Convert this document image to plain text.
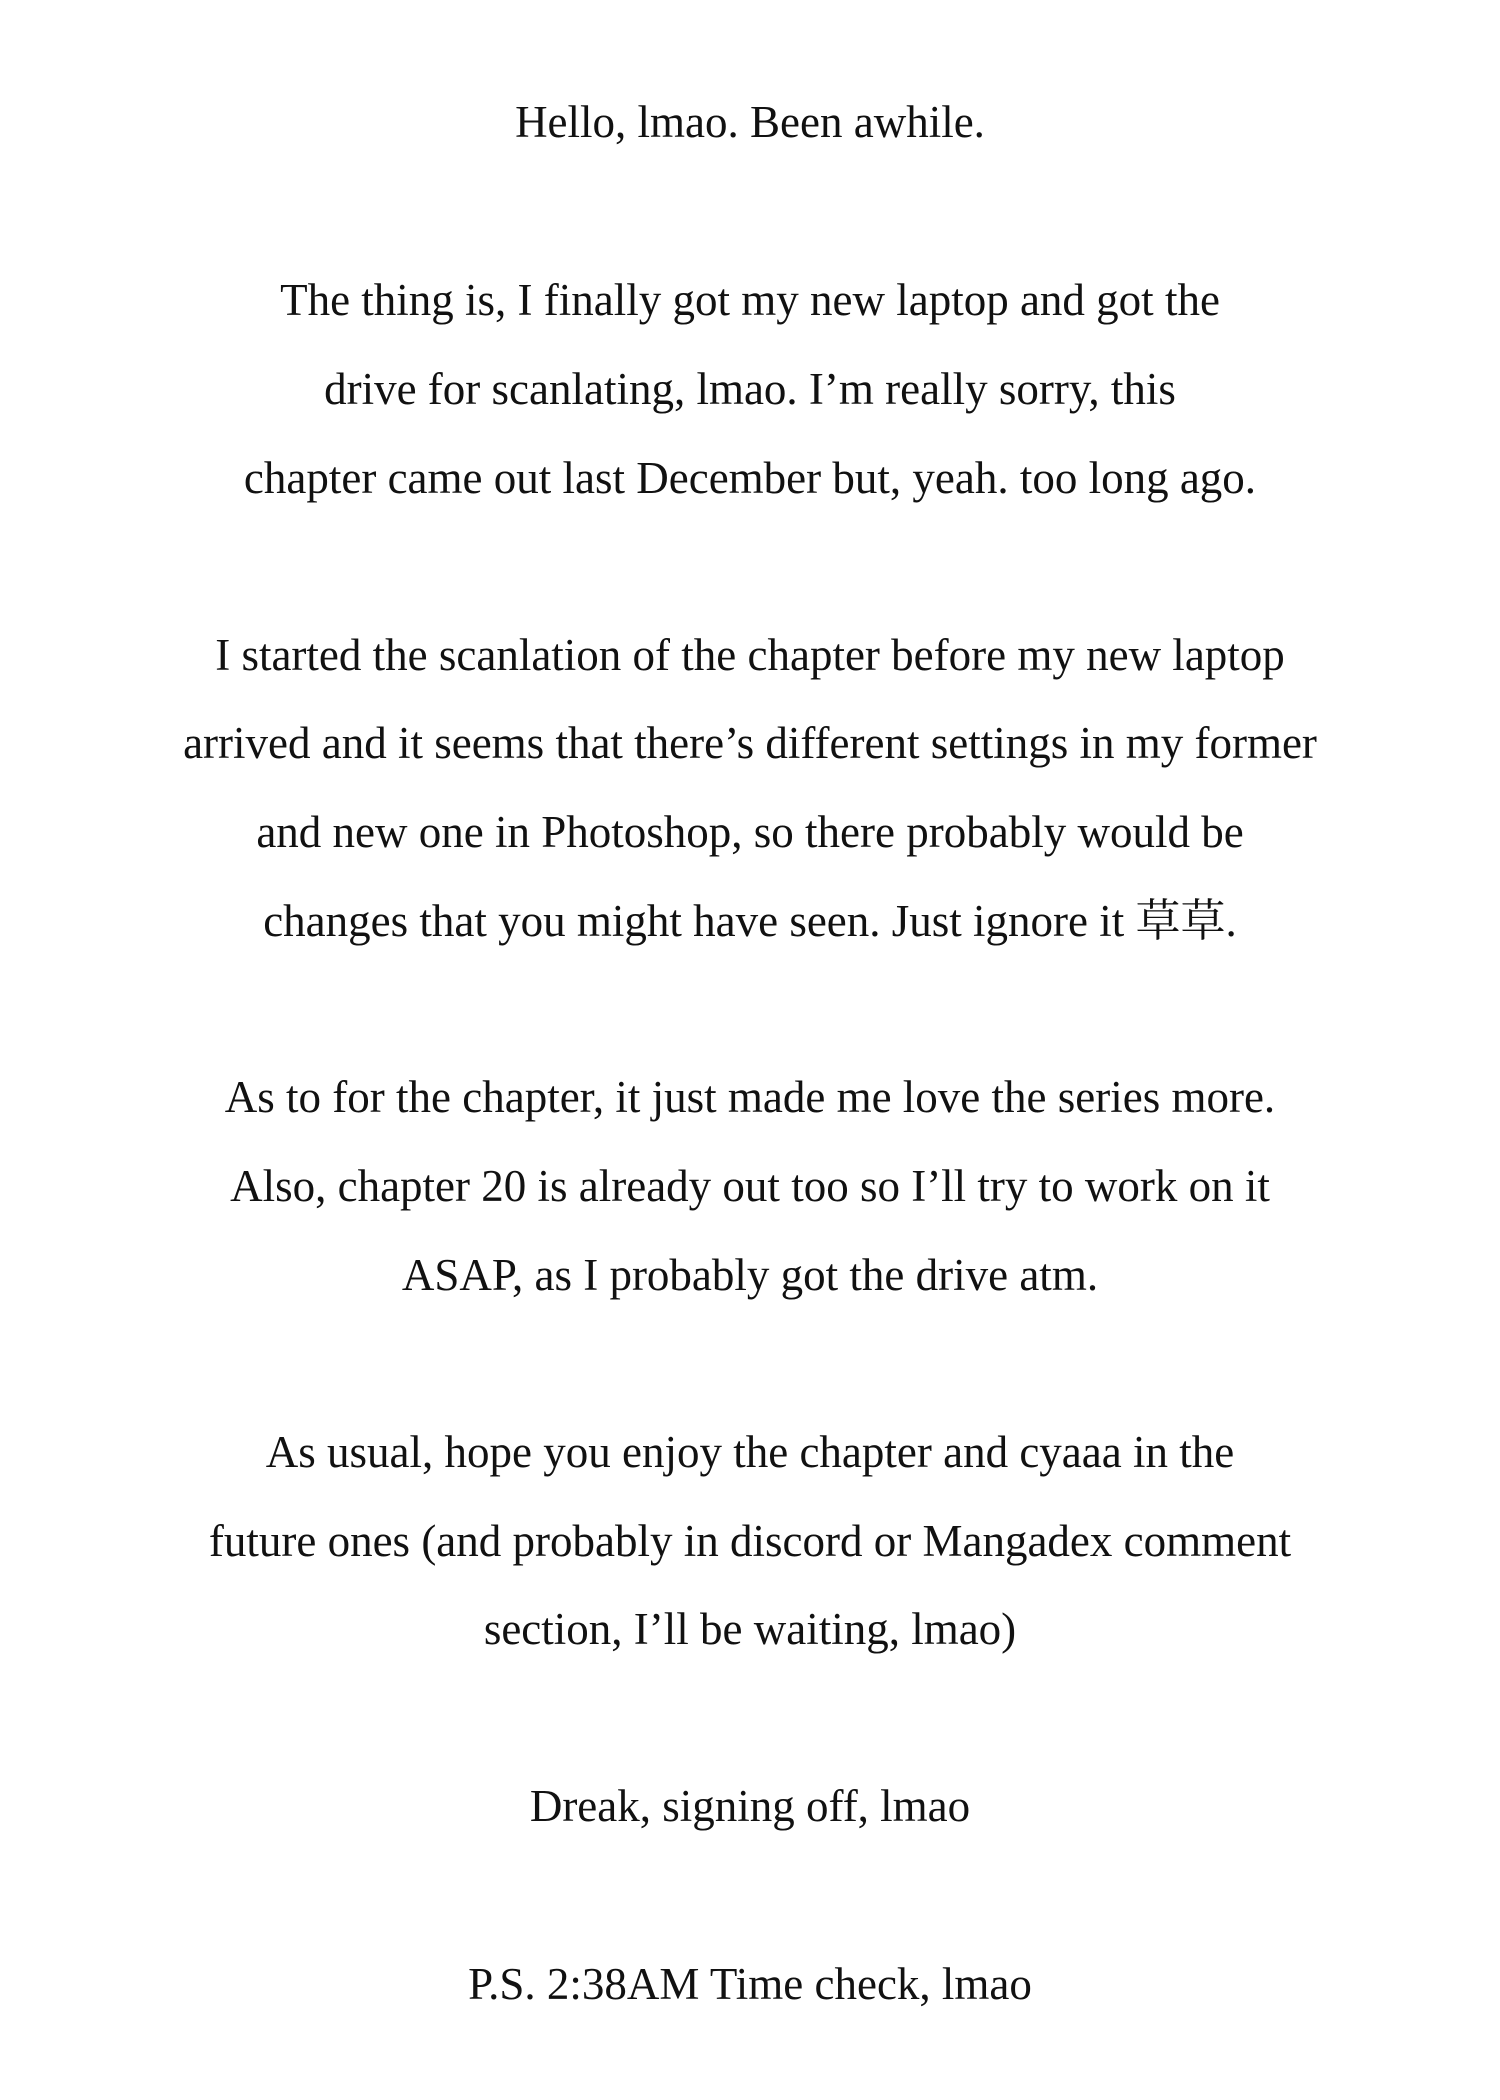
Hello, lmao. Been awhile.
The thing is, I finally got my new laptop and got the
drive for scanlating, lmao. I’m really sorry, this
chapter came out last December but, yeah. too long ago.
I started the scanlation of the chapter before my new laptop
arrived and it seems that there’s different settings in my former
and new one in Photoshop, so there probably would be
changes that you might have seen. Just ignore it 草草.
As to for the chapter, it just made me love the series more.
Also, chapter 20 is already out too so I’ll try to work on it
ASAP, as I probably got the drive atm.
As usual, hope you enjoy the chapter and cyaaa in the
future ones (and probably in discord or Mangadex comment
section, I’ll be waiting, lmao)
Dreak, signing off, lmao
P.S. 2:38AM Time check, lmao
